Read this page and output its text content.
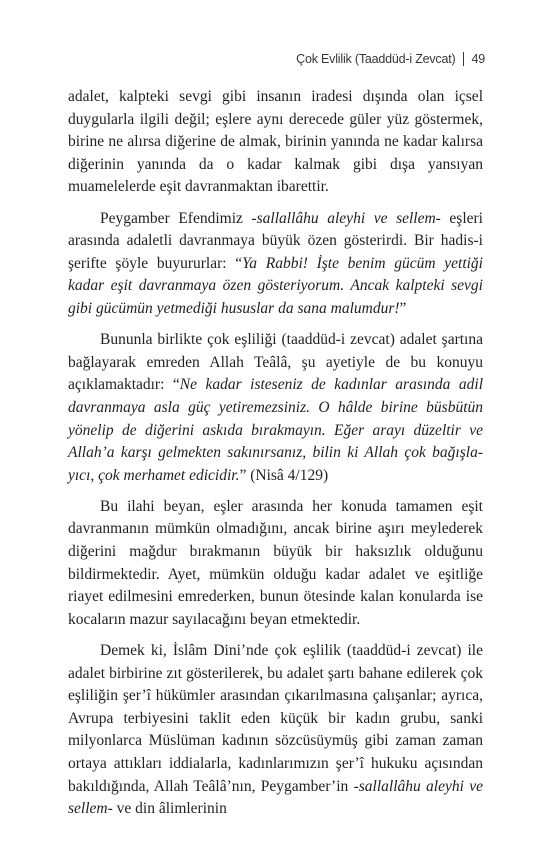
Çok Evlilik (Taaddüd-i Zevcat) 49

adalet, kalpteki sevgi gibi insanın iradesi dışında olan içsel duygularla ilgili değil; eşlere aynı derecede güler yüz göstermek, birine ne alırsa diğerine de almak, birinin yanında ne kadar kalırsa diğerinin yanında da o kadar kalmak gibi dışa yansıyan muamelelerde eşit davranmaktan ibarettir.

Peygamber Efendimiz -sallallâhu aleyhi ve sellem- eşleri arasında adaletli davranmaya büyük özen gösterirdi. Bir hadis-i şerifte şöyle buyururlar: “Ya Rabbi! İşte benim gücüm yettiği kadar eşit davranmaya özen gösteriyorum. Ancak kalpteki sevgi gibi gücümün yetmediği hususlar da sana malumdur!”

Bununla birlikte çok eşliliği (taaddüd-i zevcat) adalet şartına bağlayarak emreden Allah Teâlâ, şu ayetiyle de bu konuyu açıklamaktadır: “Ne kadar isteseniz de kadınlar arasında adil davranmaya asla güç yetiremezsiniz. O hâlde birine büsbütün yönelip de diğerini askıda bırakmayın. Eğer arayı düzeltir ve Allah’a karşı gelmekten sakınırsanız, bilin ki Allah çok bağışlayıcı, çok merhamet edicidir.” (Nisâ 4/129)

Bu ilahi beyan, eşler arasında her konuda tamamen eşit davranmanın mümkün olmadığını, ancak birine aşırı meylederek diğerini mağdur bırakmanın büyük bir haksızlık olduğunu bildirmektedir. Ayet, mümkün olduğu kadar adalet ve eşitliğe riayet edilmesini emrederken, bunun ötesinde kalan konularda ise kocaların mazur sayılacağını beyan etmektedir.

Demek ki, İslâm Dini’nde çok eşlilik (taaddüd-i zevcat) ile adalet birbirine zıt gösterilerek, bu adalet şartı bahane edilerek çok eşliliğin şer’î hükümler arasından çıkarılmasına çalışanlar; ayrıca, Avrupa terbiyesini taklit eden küçük bir kadın grubu, sanki milyonlarca Müslüman kadının sözcüsüymüş gibi zaman zaman ortaya attıkları iddialarla, kadınlarımızın şer’î hukuku açısından bakıldığında, Allah Teâlâ’nın, Peygamber’in -sallallâhu aleyhi ve sellem- ve din âlimlerinin
